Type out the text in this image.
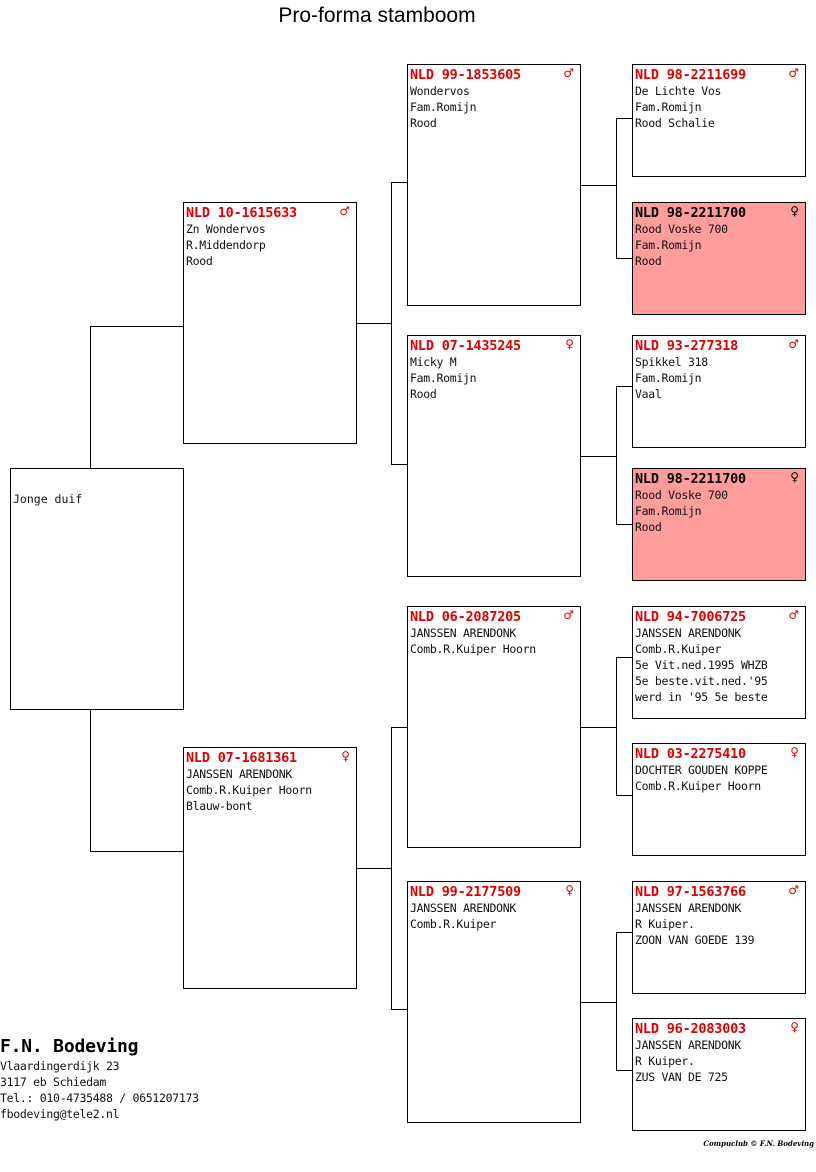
Pro-forma stamboom
Jonge duif
NLD 10-1615633	♂
Zn Wondervos
R.Middendorp
Rood
NLD 07-1681361	♀
JANSSEN ARENDONK
Comb.R.Kuiper Hoorn
Blauw-bont
NLD 99-1853605	♂
Wondervos
Fam.Romijn
Rood
NLD 07-1435245	♀
Micky M
Fam.Romijn
Rood
NLD 06-2087205	♂
JANSSEN ARENDONK
Comb.R.Kuiper Hoorn
NLD 99-2177509	♀
JANSSEN ARENDONK
Comb.R.Kuiper
NLD 98-2211699	♂
De Lichte Vos
Fam.Romijn
Rood Schalie
NLD 98-2211700	♀
Rood Voske 700
Fam.Romijn
Rood
NLD 93-277318	♂
Spikkel 318
Fam.Romijn
Vaal
NLD 98-2211700	♀
Rood Voske 700
Fam.Romijn
Rood
NLD 94-7006725	♂
JANSSEN ARENDONK
Comb.R.Kuiper
5e Vit.ned.1995 WHZB
5e beste.vit.ned.'95
werd in '95 5e beste
NLD 03-2275410	♀
DOCHTER GOUDEN KOPPE
Comb.R.Kuiper Hoorn
NLD 97-1563766	♂
JANSSEN ARENDONK
R Kuiper.
ZOON VAN GOEDE 139
NLD 96-2083003	♀
JANSSEN ARENDONK
R Kuiper.
ZUS VAN DE 725
F.N. Bodeving
Vlaardingerdijk 23
3117 eb Schiedam
Tel.: 010-4735488 / 0651207173
fbodeving@tele2.nl
Compuclub © F.N. Bodeving
